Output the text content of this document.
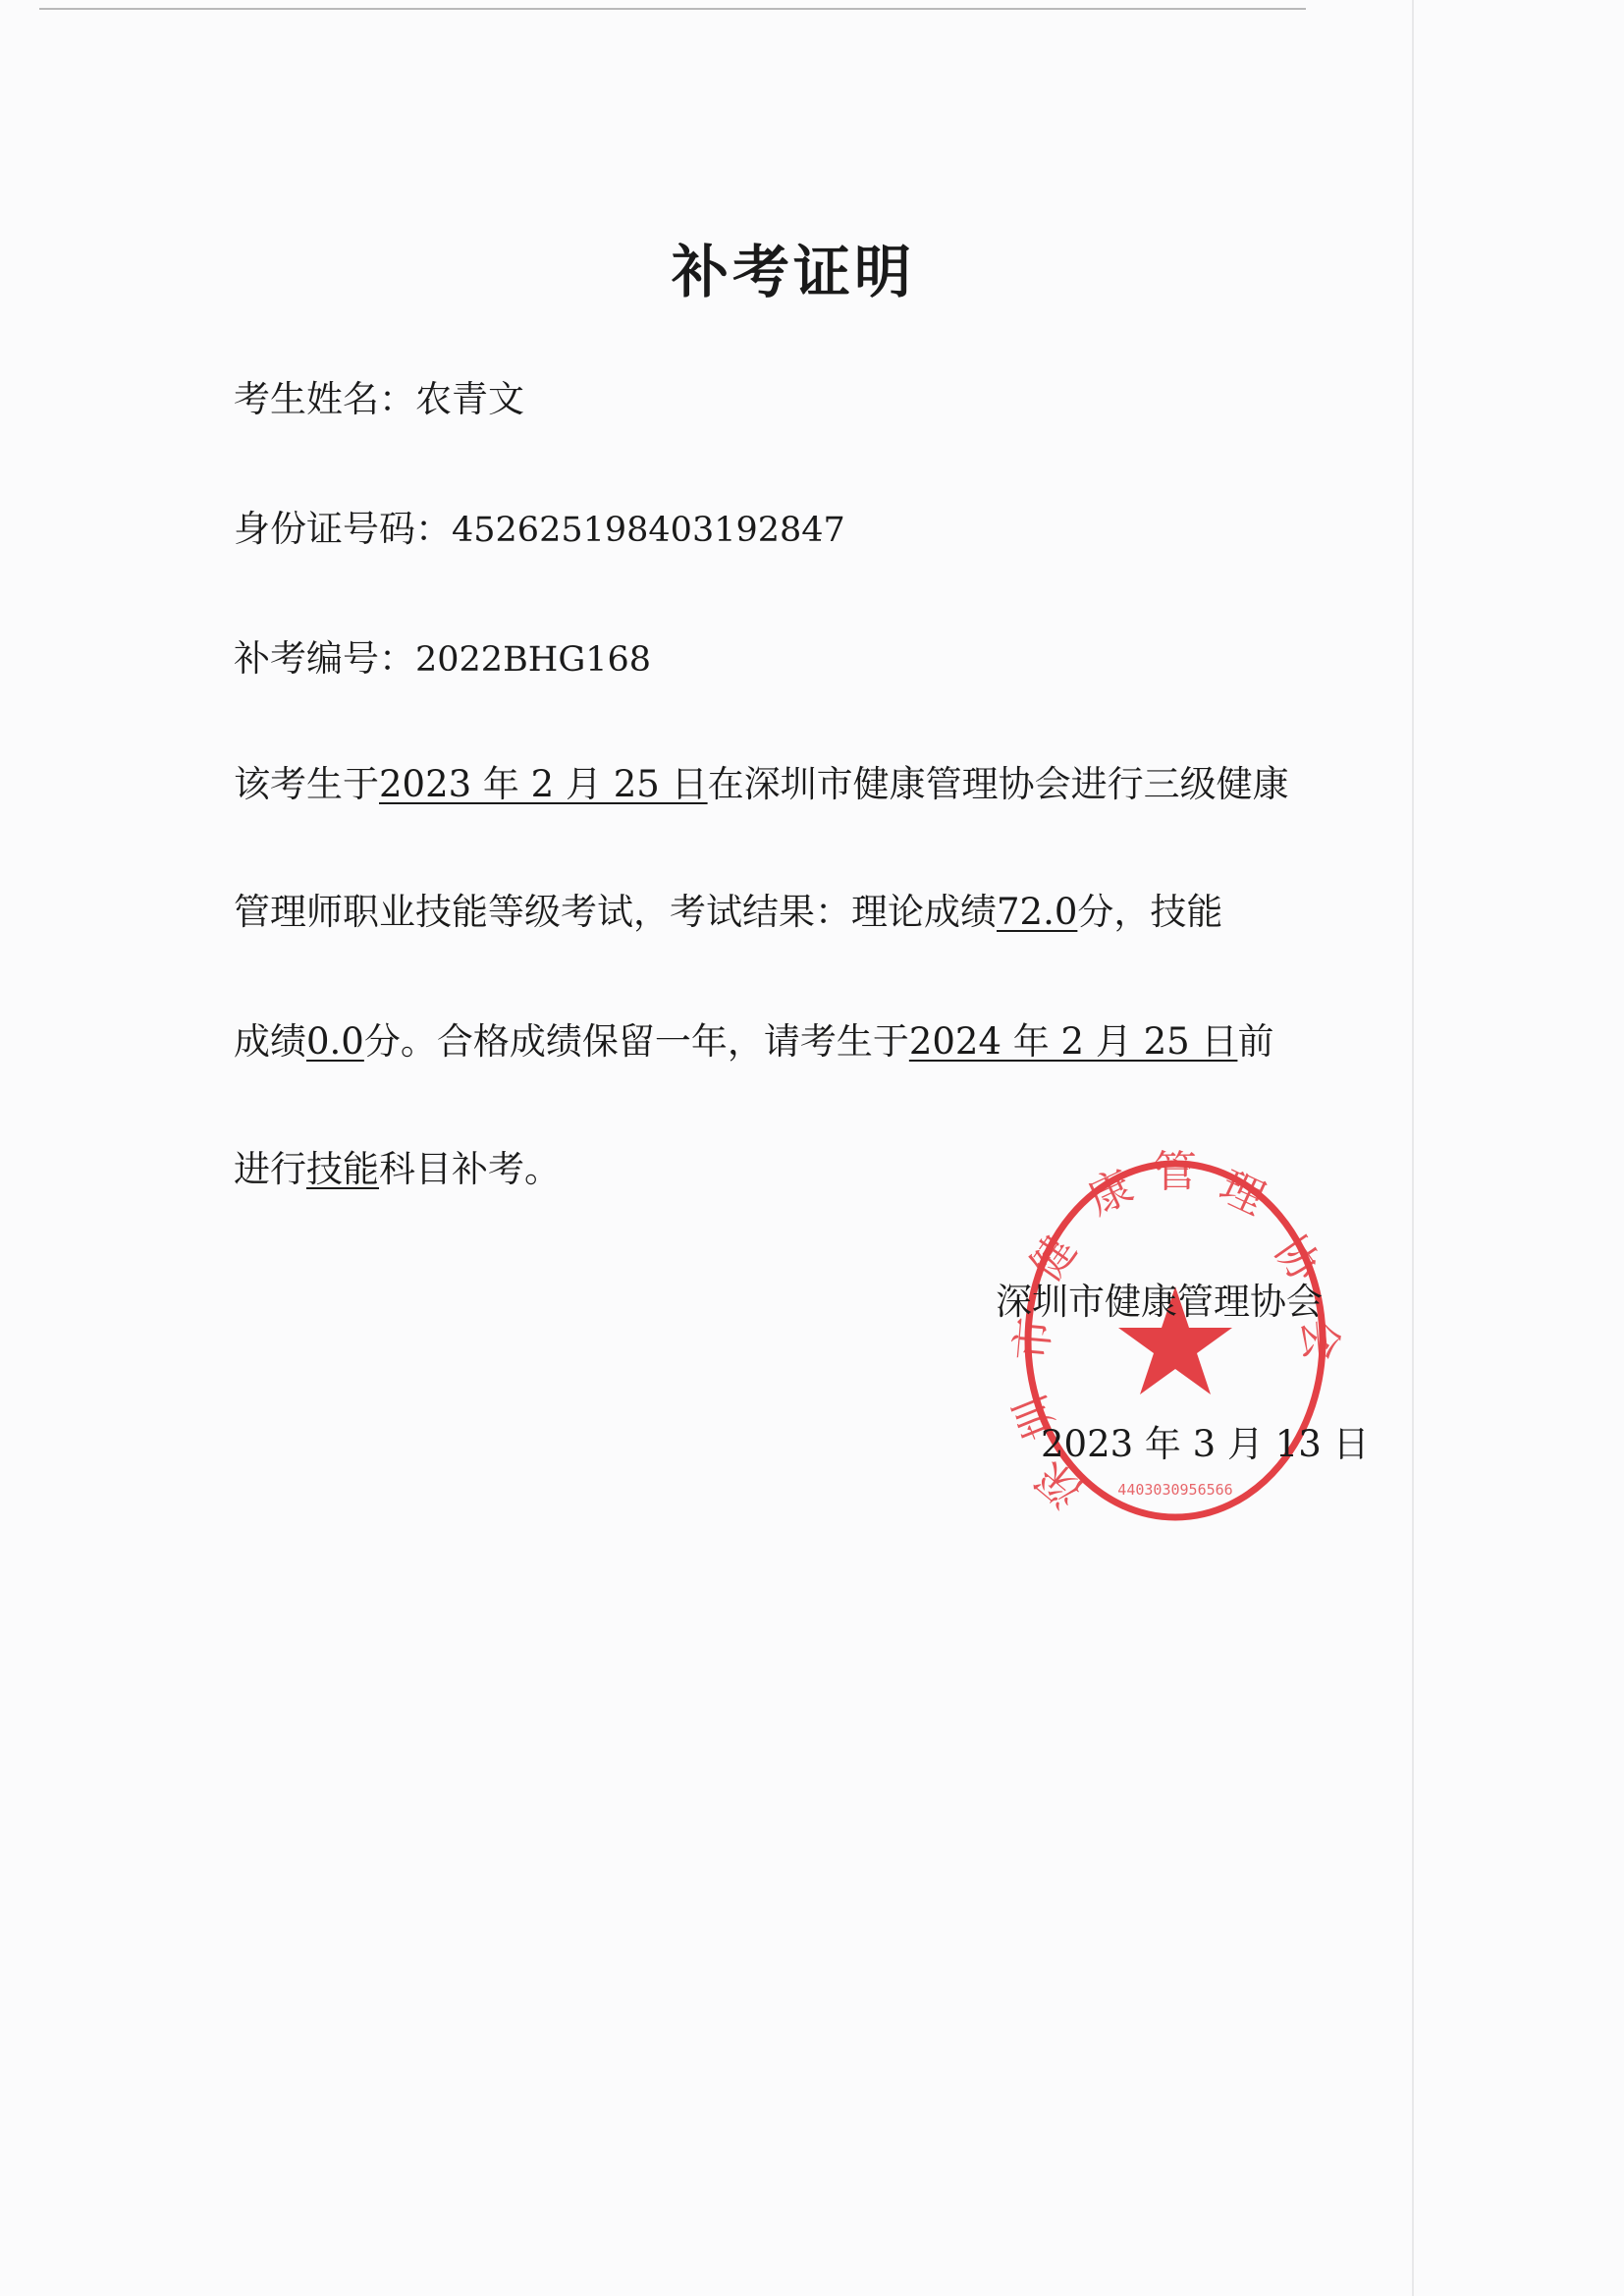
补考证明
考生姓名：农青文
身份证号码：452625198403192847
补考编号：2022BHG168
该考生于2023 年 2 月 25 日在深圳市健康管理协会进行三级健康
管理师职业技能等级考试，考试结果：理论成绩72.0分，技能
成绩0.0分。合格成绩保留一年，请考生于2024 年 2 月 25 日前
进行技能科目补考。
深
圳
市
健
康 管 理
协
会
4403030956566
深圳市健康管理协会
2023 年 3 月 13 日
